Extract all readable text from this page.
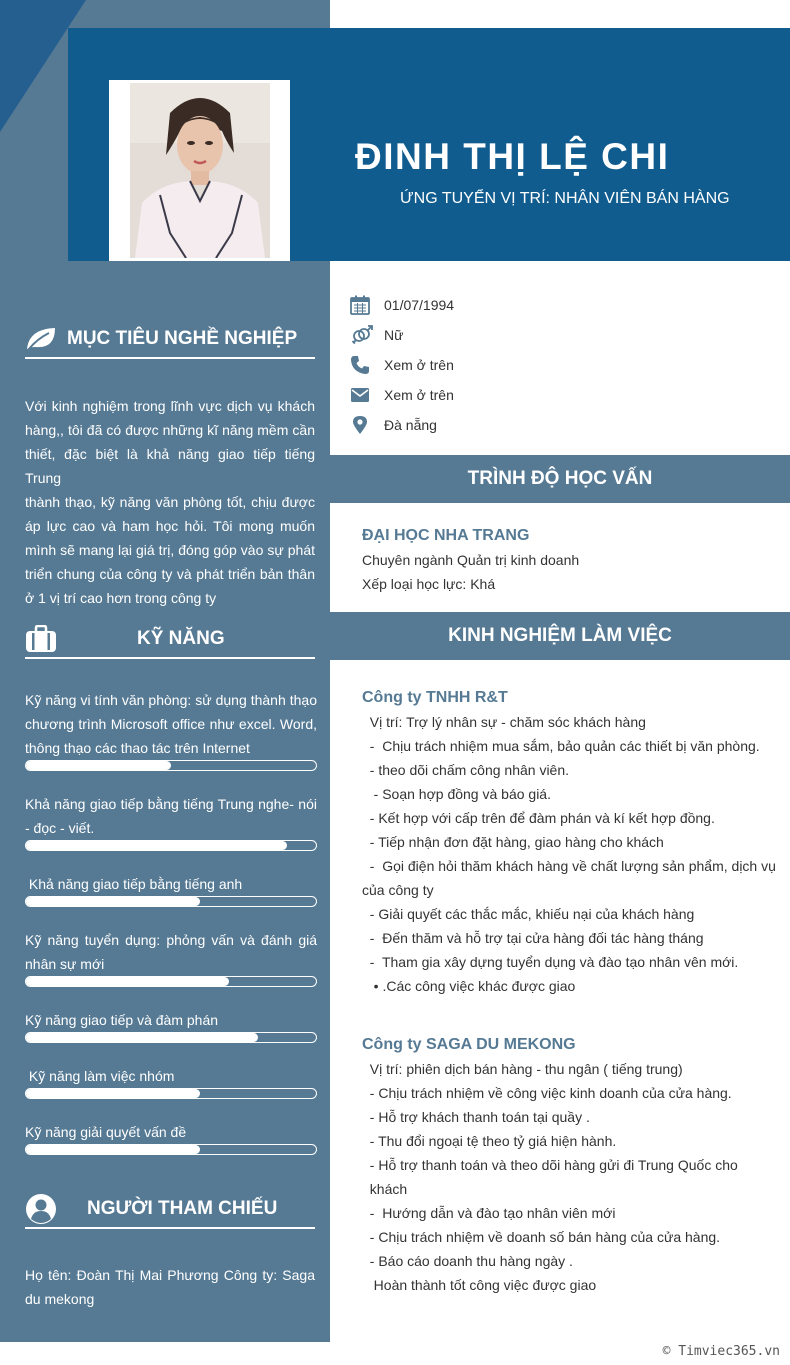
ĐINH THỊ LỆ CHI
ỨNG TUYỂN VỊ TRÍ: NHÂN VIÊN BÁN HÀNG
MỤC TIÊU NGHỀ NGHIỆP
Với kinh nghiệm trong lĩnh vực dịch vụ khách
hàng,, tôi đã có được những kĩ năng mềm cần
thiết, đặc biệt là khả năng giao tiếp tiếng Trung
thành thạo, kỹ năng văn phòng tốt, chịu được
áp lực cao và ham học hỏi. Tôi mong muốn
mình sẽ mang lại giá trị, đóng góp vào sự phát
triển chung của công ty và phát triển bản thân
ở 1 vị trí cao hơn trong công ty
KỸ NĂNG
Kỹ năng vi tính văn phòng: sử dụng thành thạo
chương trình Microsoft office như excel. Word,
thông thạo các thao tác trên Internet
Khả năng giao tiếp bằng tiếng Trung nghe- nói
- đọc - viết.
Khả năng giao tiếp bằng tiếng anh
Kỹ năng tuyển dụng: phỏng vấn và đánh giá
nhân sự mới
Kỹ năng giao tiếp và đàm phán
Kỹ năng làm việc nhóm
Kỹ năng giải quyết vấn đề
NGƯỜI THAM CHIẾU
Họ tên: Đoàn Thị Mai Phương Công ty: Saga
du mekong
01/07/1994
Nữ
Xem ở trên
Xem ở trên
Đà nẵng
TRÌNH ĐỘ HỌC VẤN
ĐẠI HỌC NHA TRANG
Chuyên ngành Quản trị kinh doanh
Xếp loại học lực: Khá
KINH NGHIỆM LÀM VIỆC
Công ty TNHH R&T
Vị trí: Trợ lý nhân sự - chăm sóc khách hàng
-  Chịu trách nhiệm mua sắm, bảo quản các thiết bị văn phòng.
- theo dõi chấm công nhân viên.
- Soạn hợp đồng và báo giá.
- Kết hợp với cấp trên để đàm phán và kí kết hợp đồng.
- Tiếp nhận đơn đặt hàng, giao hàng cho khách
-  Gọi điện hỏi thăm khách hàng về chất lượng sản phẩm, dịch vụ
của công ty
- Giải quyết các thắc mắc, khiếu nại của khách hàng
-  Đến thăm và hỗ trợ tại cửa hàng đối tác hàng tháng
-  Tham gia xây dựng tuyển dụng và đào tạo nhân vên mới.
• .Các công việc khác được giao
Công ty SAGA DU MEKONG
Vị trí: phiên dịch bán hàng - thu ngân ( tiếng trung)
- Chịu trách nhiệm về công việc kinh doanh của cửa hàng.
- Hỗ trợ khách thanh toán tại quầy .
- Thu đổi ngoại tệ theo tỷ giá hiện hành.
- Hỗ trợ thanh toán và theo dõi hàng gửi đi Trung Quốc cho
khách
-  Hướng dẫn và đào tạo nhân viên mới
- Chịu trách nhiệm về doanh số bán hàng của cửa hàng.
- Báo cáo doanh thu hàng ngày .
Hoàn thành tốt công việc được giao
© Timviec365.vn
